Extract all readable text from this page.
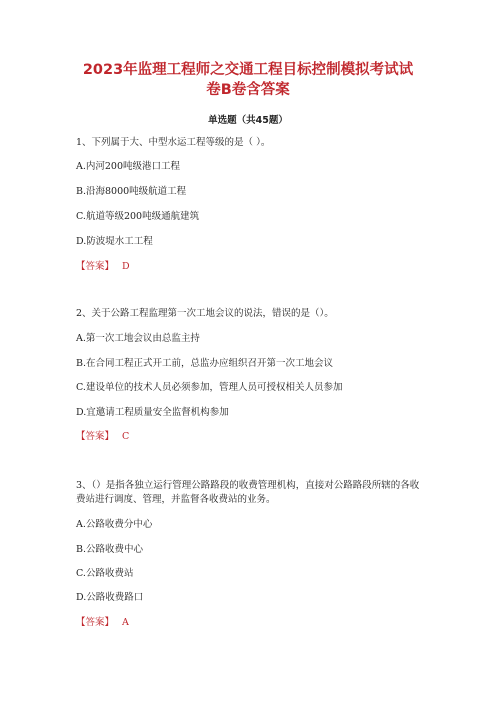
2023年监理工程师之交通工程目标控制模拟考试试
卷B卷含答案
单选题（共45题）
1、下列属于大、中型水运工程等级的是（ ）。
A.内河200吨级港口工程
B.沿海8000吨级航道工程
C.航道等级200吨级通航建筑
D.防波堤水工工程
【答案】 D
2、关于公路工程监理第一次工地会议的说法，错误的是（）。
A.第一次工地会议由总监主持
B.在合同工程正式开工前，总监办应组织召开第一次工地会议
C.建设单位的技术人员必须参加，管理人员可授权相关人员参加
D.宜邀请工程质量安全监督机构参加
【答案】 C
3、（）是指各独立运行管理公路路段的收费管理机构，直接对公路路段所辖的各收费站进行调度、管理，并监督各收费站的业务。
A.公路收费分中心
B.公路收费中心
C.公路收费站
D.公路收费路口
【答案】 A
